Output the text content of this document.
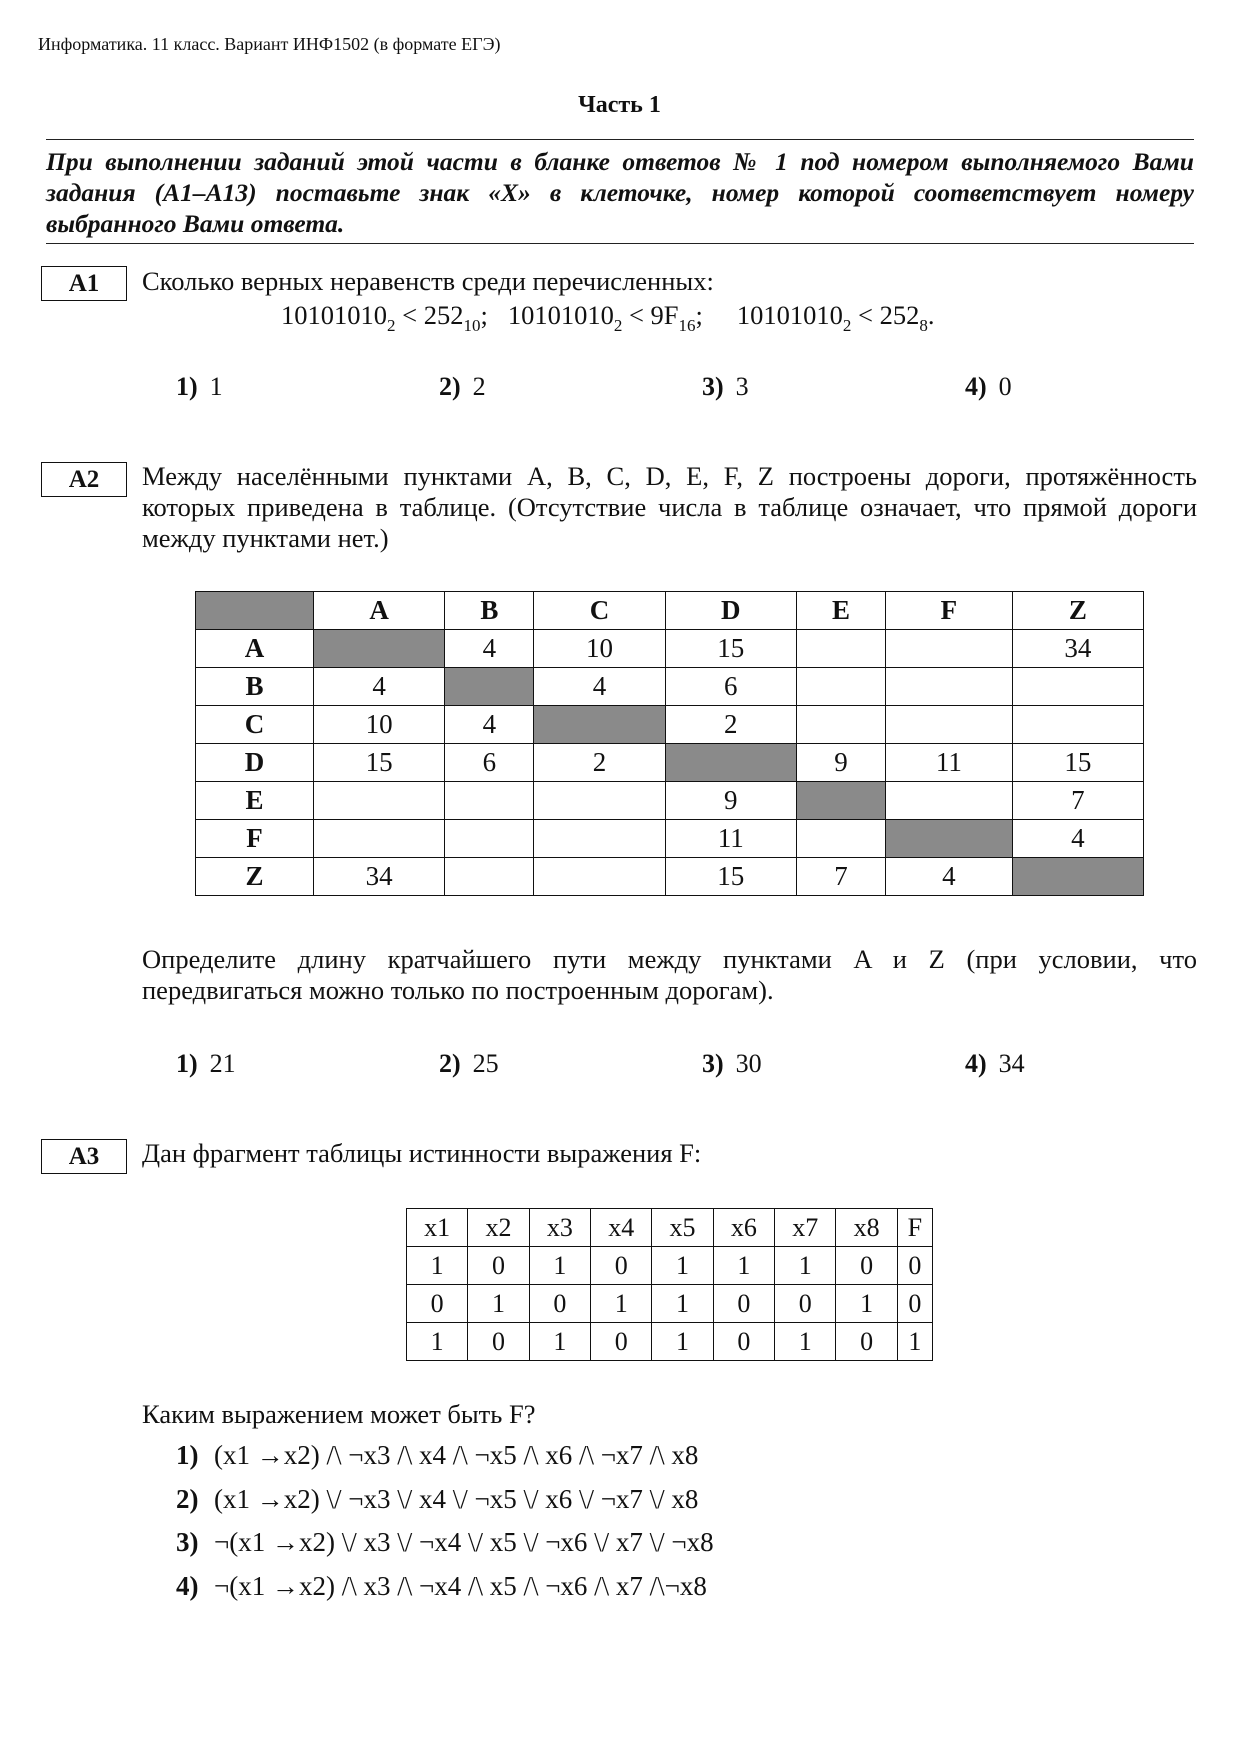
Информатика. 11 класс. Вариант ИНФ1502 (в формате ЕГЭ)
Часть 1

При выполнении заданий этой части в бланке ответов № 1 под номером выполняемого Вами задания (А1–А13) поставьте знак «Х» в клеточке, номер которой соответствует номеру выбранного Вами ответа.

А1	Сколько верных неравенств среди перечисленных:
$10101010_2 < 252_{10}$; $10101010_2 < 9F_{16}$; $10101010_2 < 252_8$.
1) 1	2) 2	3) 3	4) 0
А2	Между населёнными пунктами A, B, C, D, E, F, Z построены дороги, протяжённость которых приведена в таблице. (Отсутствие числа в таблице означает, что прямой дороги между пунктами нет.)
	A	B	C	D	E	F	Z
A		4	10	15			34
B	4		4	6			
C	10	4		2			
D	15	6	2		9	11	15
E				9			7
F				11			4
Z	34			15	7	4	
Определите длину кратчайшего пути между пунктами A и Z (при условии, что передвигаться можно только по построенным дорогам).
1) 21	2) 25	3) 30	4) 34
А3	Дан фрагмент таблицы истинности выражения F:
x1	x2	x3	x4	x5	x6	x7	x8	F
1	0	1	0	1	1	1	0	0
0	1	0	1	1	0	0	1	0
1	0	1	0	1	0	1	0	1
Каким выражением может быть F?
1) (x1 →x2) /\ ¬x3 /\ x4 /\ ¬x5 /\ x6 /\ ¬x7 /\ x8
2) (x1 →x2) \/ ¬x3 \/ x4 \/ ¬x5 \/ x6 \/ ¬x7 \/ x8
3) ¬(x1 →x2) \/ x3 \/ ¬x4 \/ x5 \/ ¬x6 \/ x7 \/ ¬x8
4) ¬(x1 →x2) /\ x3 /\ ¬x4 /\ x5 /\ ¬x6 /\ x7 /\¬x8
